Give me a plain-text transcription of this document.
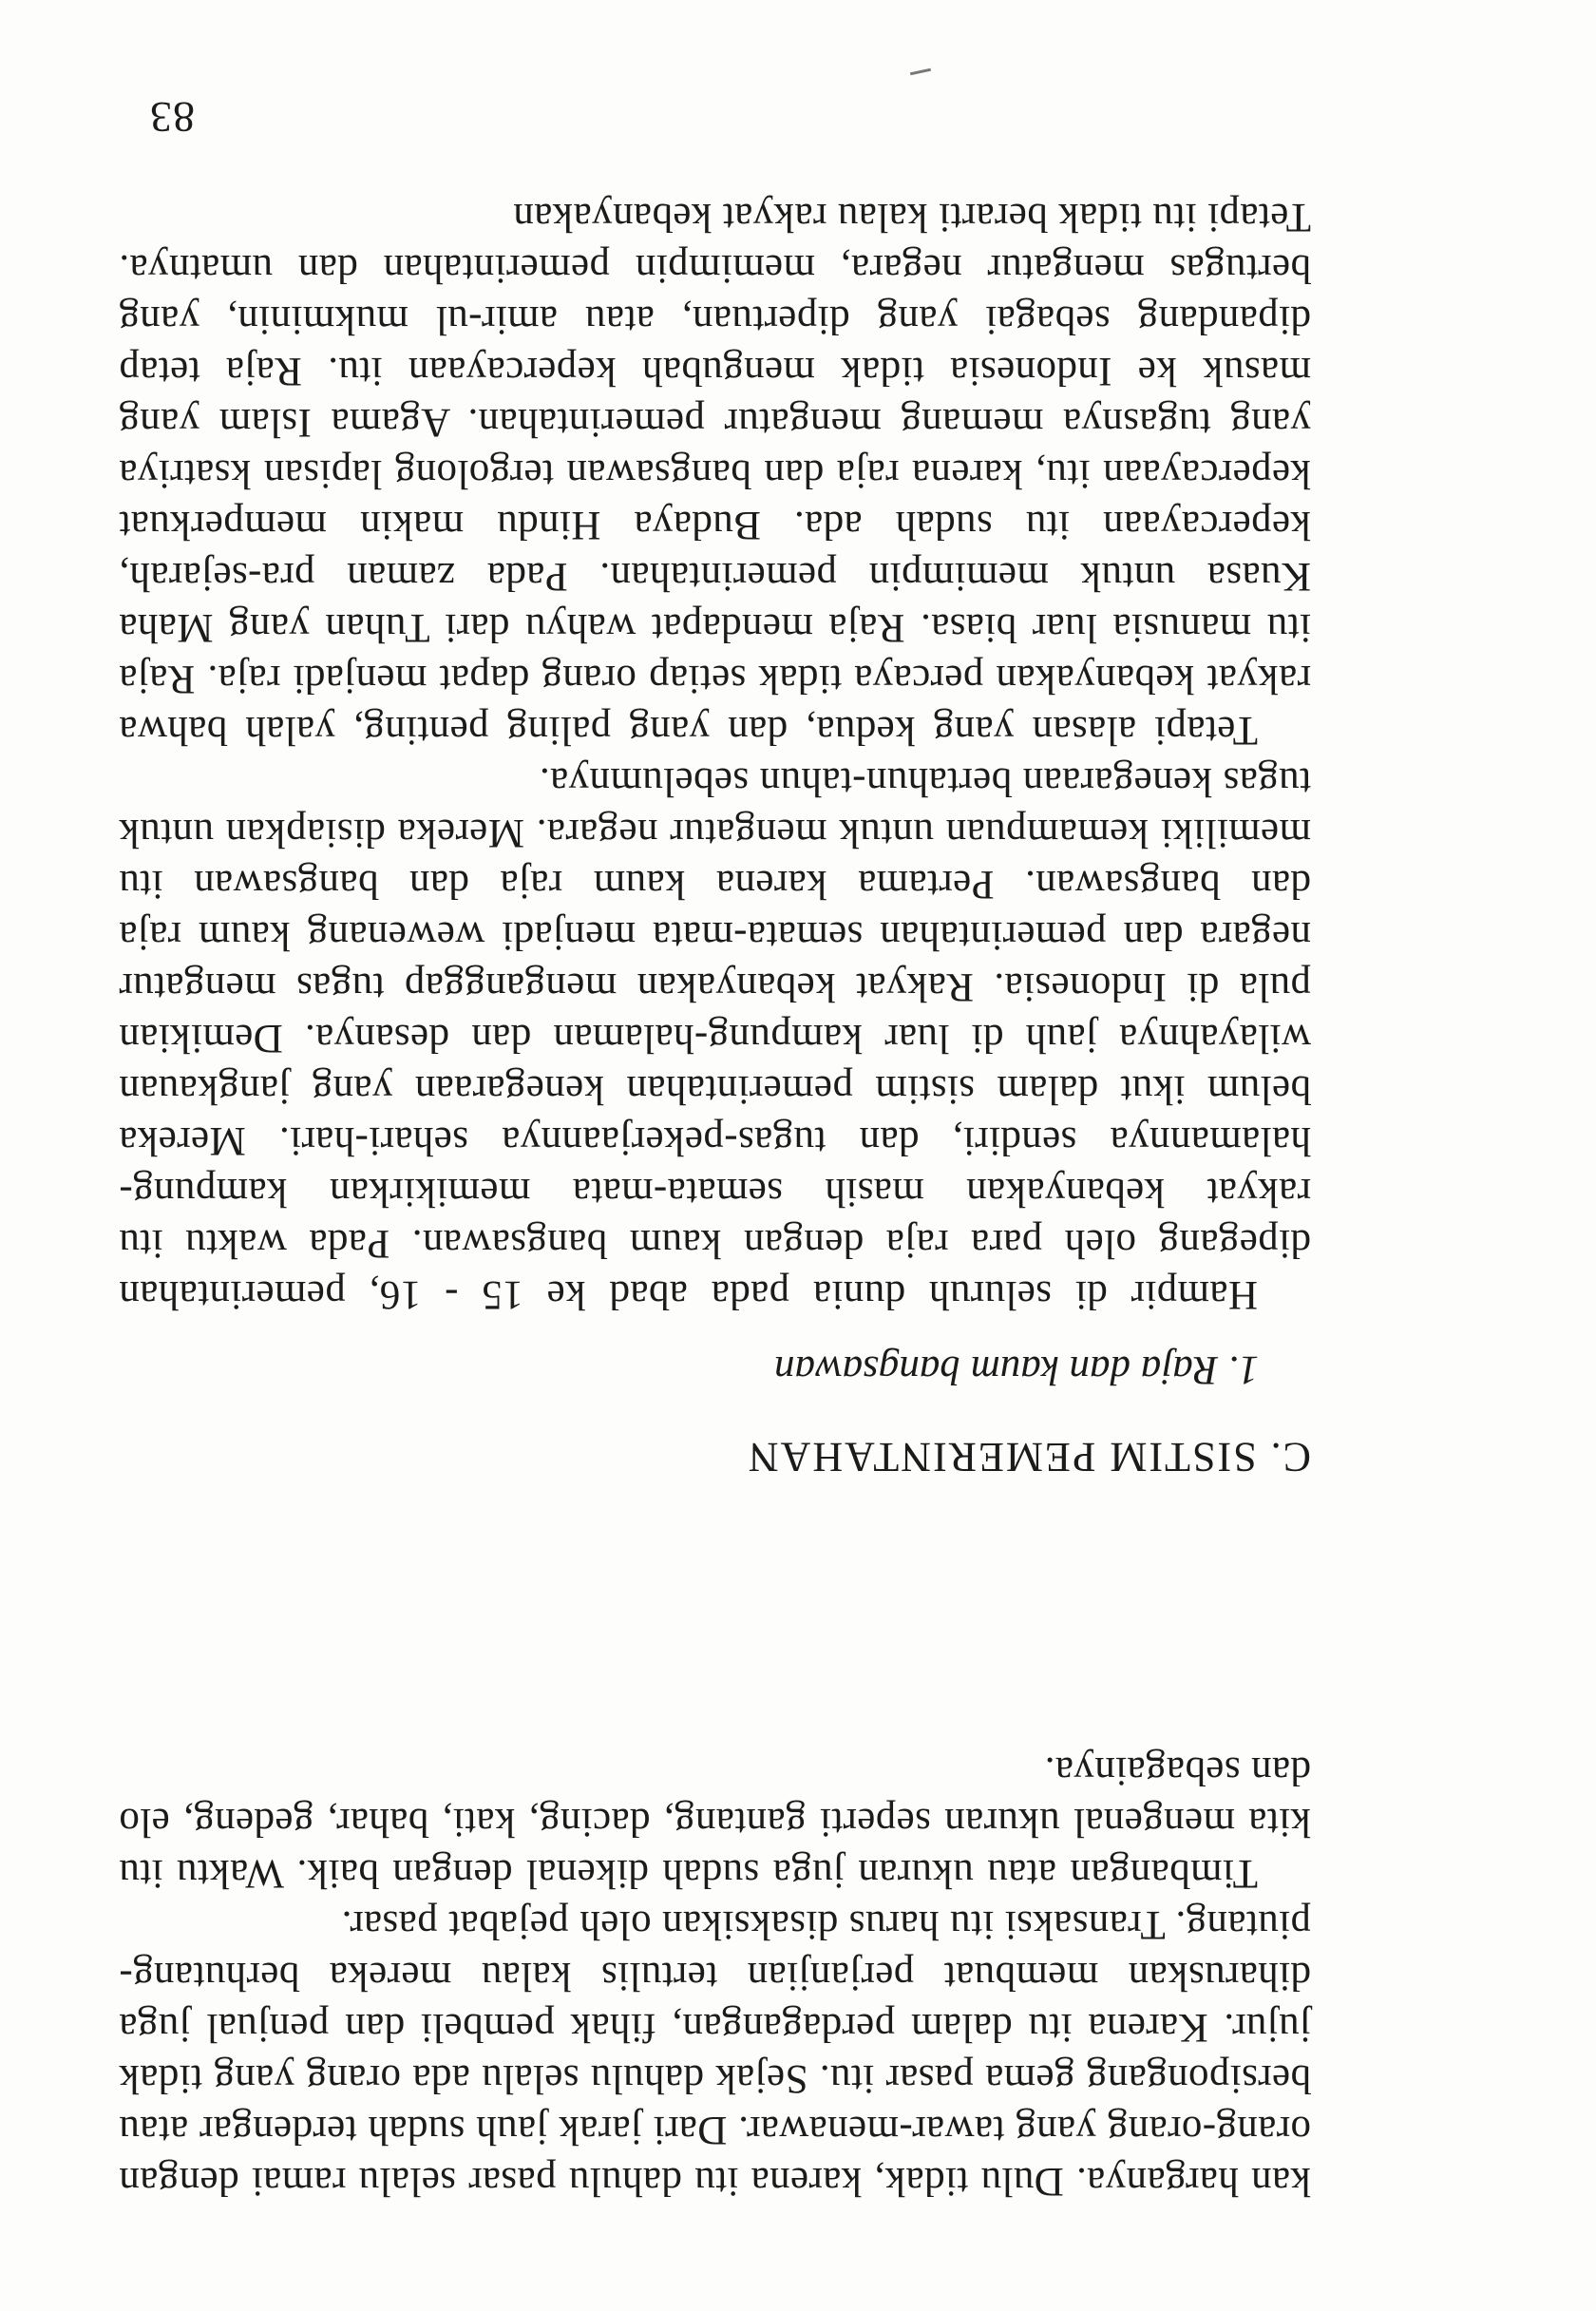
kan harganya. Dulu tidak, karena itu dahulu pasar selalu ramai dengan orang-orang yang tawar-menawar. Dari jarak jauh sudah terdengar atau bersipongang gema pasar itu. Sejak dahulu selalu ada orang yang tidak jujur. Karena itu dalam perdagangan, fihak pembeli dan penjual juga diharuskan membuat perjanjian tertulis kalau mereka berhutang-piutang. Transaksi itu harus disaksikan oleh pejabat pasar.

Timbangan atau ukuran juga sudah dikenal dengan baik. Waktu itu kita mengenal ukuran seperti gantang, dacing, kati, bahar, gedeng, elo dan sebagainya.

C. SISTIM PEMERINTAHAN
1. Raja dan kaum bangsawan

Hampir di seluruh dunia pada abad ke 15 - 16, pemerintahan dipegang oleh para raja dengan kaum bangsawan. Pada waktu itu rakyat kebanyakan masih semata-mata memikirkan kampung-halamannya sendiri, dan tugas-pekerjaannya sehari-hari. Mereka belum ikut dalam sistim pemerintahan kenegaraan yang jangkauan wilayahnya jauh di luar kampung-halaman dan desanya. Demikian pula di Indonesia. Rakyat kebanyakan menganggap tugas mengatur negara dan pemerintahan semata-mata menjadi wewenang kaum raja dan bangsawan. Pertama karena kaum raja dan bangsawan itu memiliki kemampuan untuk mengatur negara. Mereka disiapkan untuk tugas kenegaraan bertahun-tahun sebelumnya.

Tetapi alasan yang kedua, dan yang paling penting, yalah bahwa rakyat kebanyakan percaya tidak setiap orang dapat menjadi raja. Raja itu manusia luar biasa. Raja mendapat wahyu dari Tuhan yang Maha Kuasa untuk memimpin pemerintahan. Pada zaman pra-sejarah, kepercayaan itu sudah ada. Budaya Hindu makin memperkuat kepercayaan itu, karena raja dan bangsawan tergolong lapisan ksatriya yang tugasnya memang mengatur pemerintahan. Agama Islam yang masuk ke Indonesia tidak mengubah kepercayaan itu. Raja tetap dipandang sebagai yang dipertuan, atau amir-ul mukminin, yang bertugas mengatur negara, memimpin pemerintahan dan umatnya. Tetapi itu tidak berarti kalau rakyat kebanyakan

83
